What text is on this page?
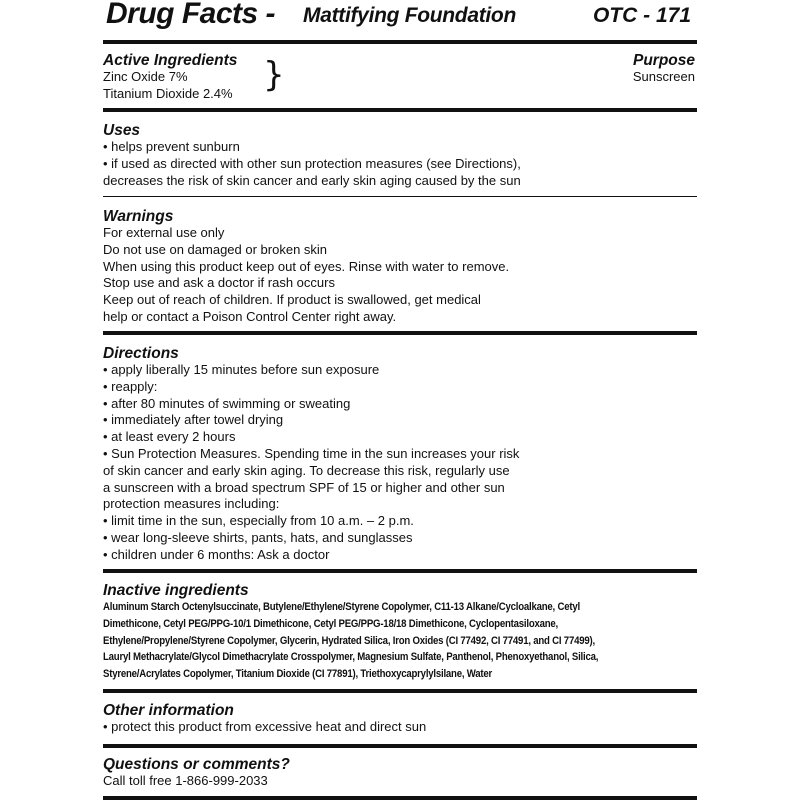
Drug Facts - Mattifying Foundation	OTC - 171
Active Ingredients
Zinc Oxide 7%
Titanium Dioxide 2.4% }	Purpose
Sunscreen
Uses
• helps prevent sunburn
• if used as directed with other sun protection measures (see Directions),
decreases the risk of skin cancer and early skin aging caused by the sun
Warnings
For external use only
Do not use on damaged or broken skin
When using this product keep out of eyes. Rinse with water to remove.
Stop use and ask a doctor if rash occurs
Keep out of reach of children. If product is swallowed, get medical
help or contact a Poison Control Center right away.
Directions
• apply liberally 15 minutes before sun exposure
• reapply:
• after 80 minutes of swimming or sweating
• immediately after towel drying
• at least every 2 hours
• Sun Protection Measures. Spending time in the sun increases your risk
of skin cancer and early skin aging. To decrease this risk, regularly use
a sunscreen with a broad spectrum SPF of 15 or higher and other sun
protection measures including:
• limit time in the sun, especially from 10 a.m. – 2 p.m.
• wear long-sleeve shirts, pants, hats, and sunglasses
• children under 6 months: Ask a doctor
Inactive ingredients
Aluminum Starch Octenylsuccinate, Butylene/Ethylene/Styrene Copolymer, C11-13 Alkane/Cycloalkane, Cetyl
Dimethicone, Cetyl PEG/PPG-10/1 Dimethicone, Cetyl PEG/PPG-18/18 Dimethicone, Cyclopentasiloxane,
Ethylene/Propylene/Styrene Copolymer, Glycerin, Hydrated Silica, Iron Oxides (CI 77492, CI 77491, and CI 77499),
Lauryl Methacrylate/Glycol Dimethacrylate Crosspolymer, Magnesium Sulfate, Panthenol, Phenoxyethanol, Silica,
Styrene/Acrylates Copolymer, Titanium Dioxide (CI 77891), Triethoxycaprylylsilane, Water
Other information
• protect this product from excessive heat and direct sun
Questions or comments?
Call toll free 1-866-999-2033
